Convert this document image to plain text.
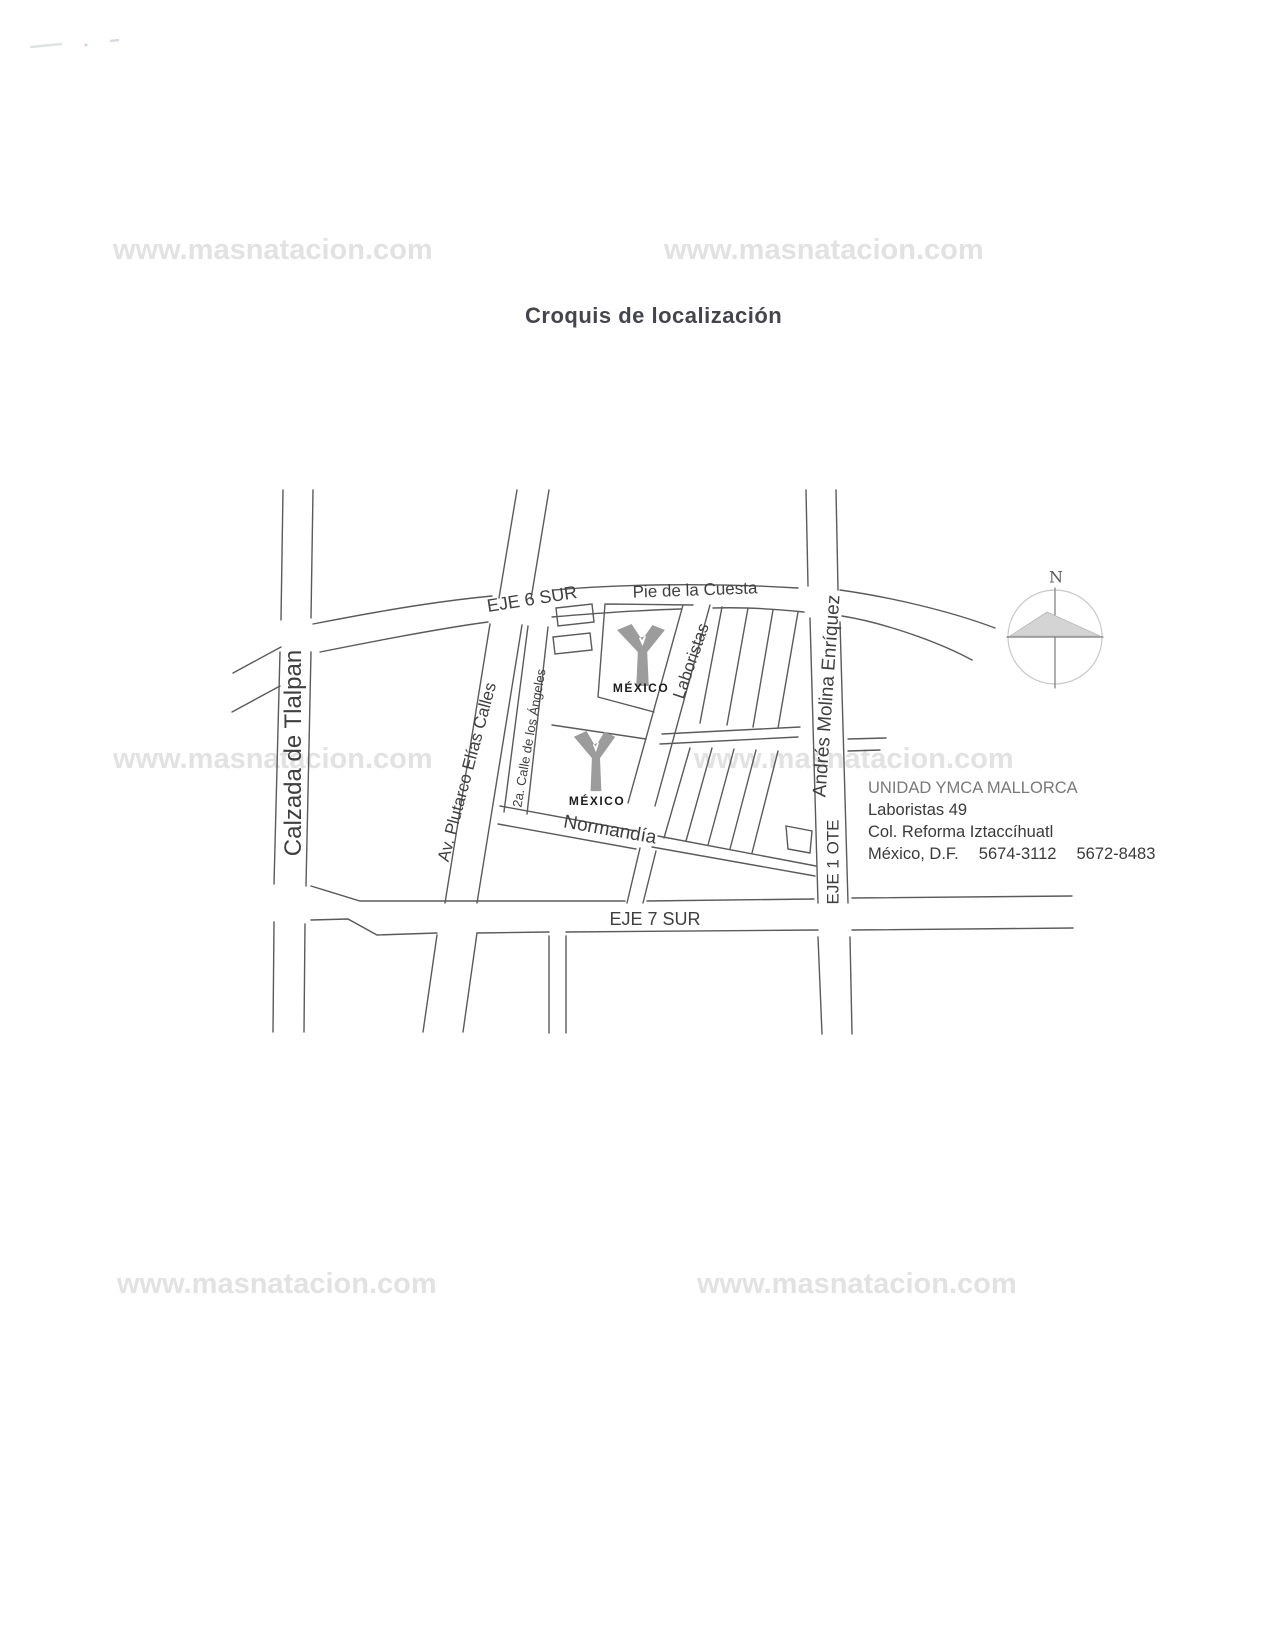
www.masnatacion.com	www.masnatacion.com
www.masnatacion.com	www.masnatacion.com
www.masnatacion.com	www.masnatacion.com
Croquis de localización
Calzada de Tlalpan	Av. Plutarco Elías Calles 2a. Calle de los Ángeles
Laboristas	Andrés Molina Enríquez
EJE 1 OTE
EJE 6 SUR	Pie de la Cuesta
Normandía
EJE 7 SUR
MÉXICO
MÉXICO
N
UNIDAD YMCA MALLORCA
Laboristas 49
Col. Reforma Iztaccíhuatl
México, D.F. 5674-3112 5672-8483
